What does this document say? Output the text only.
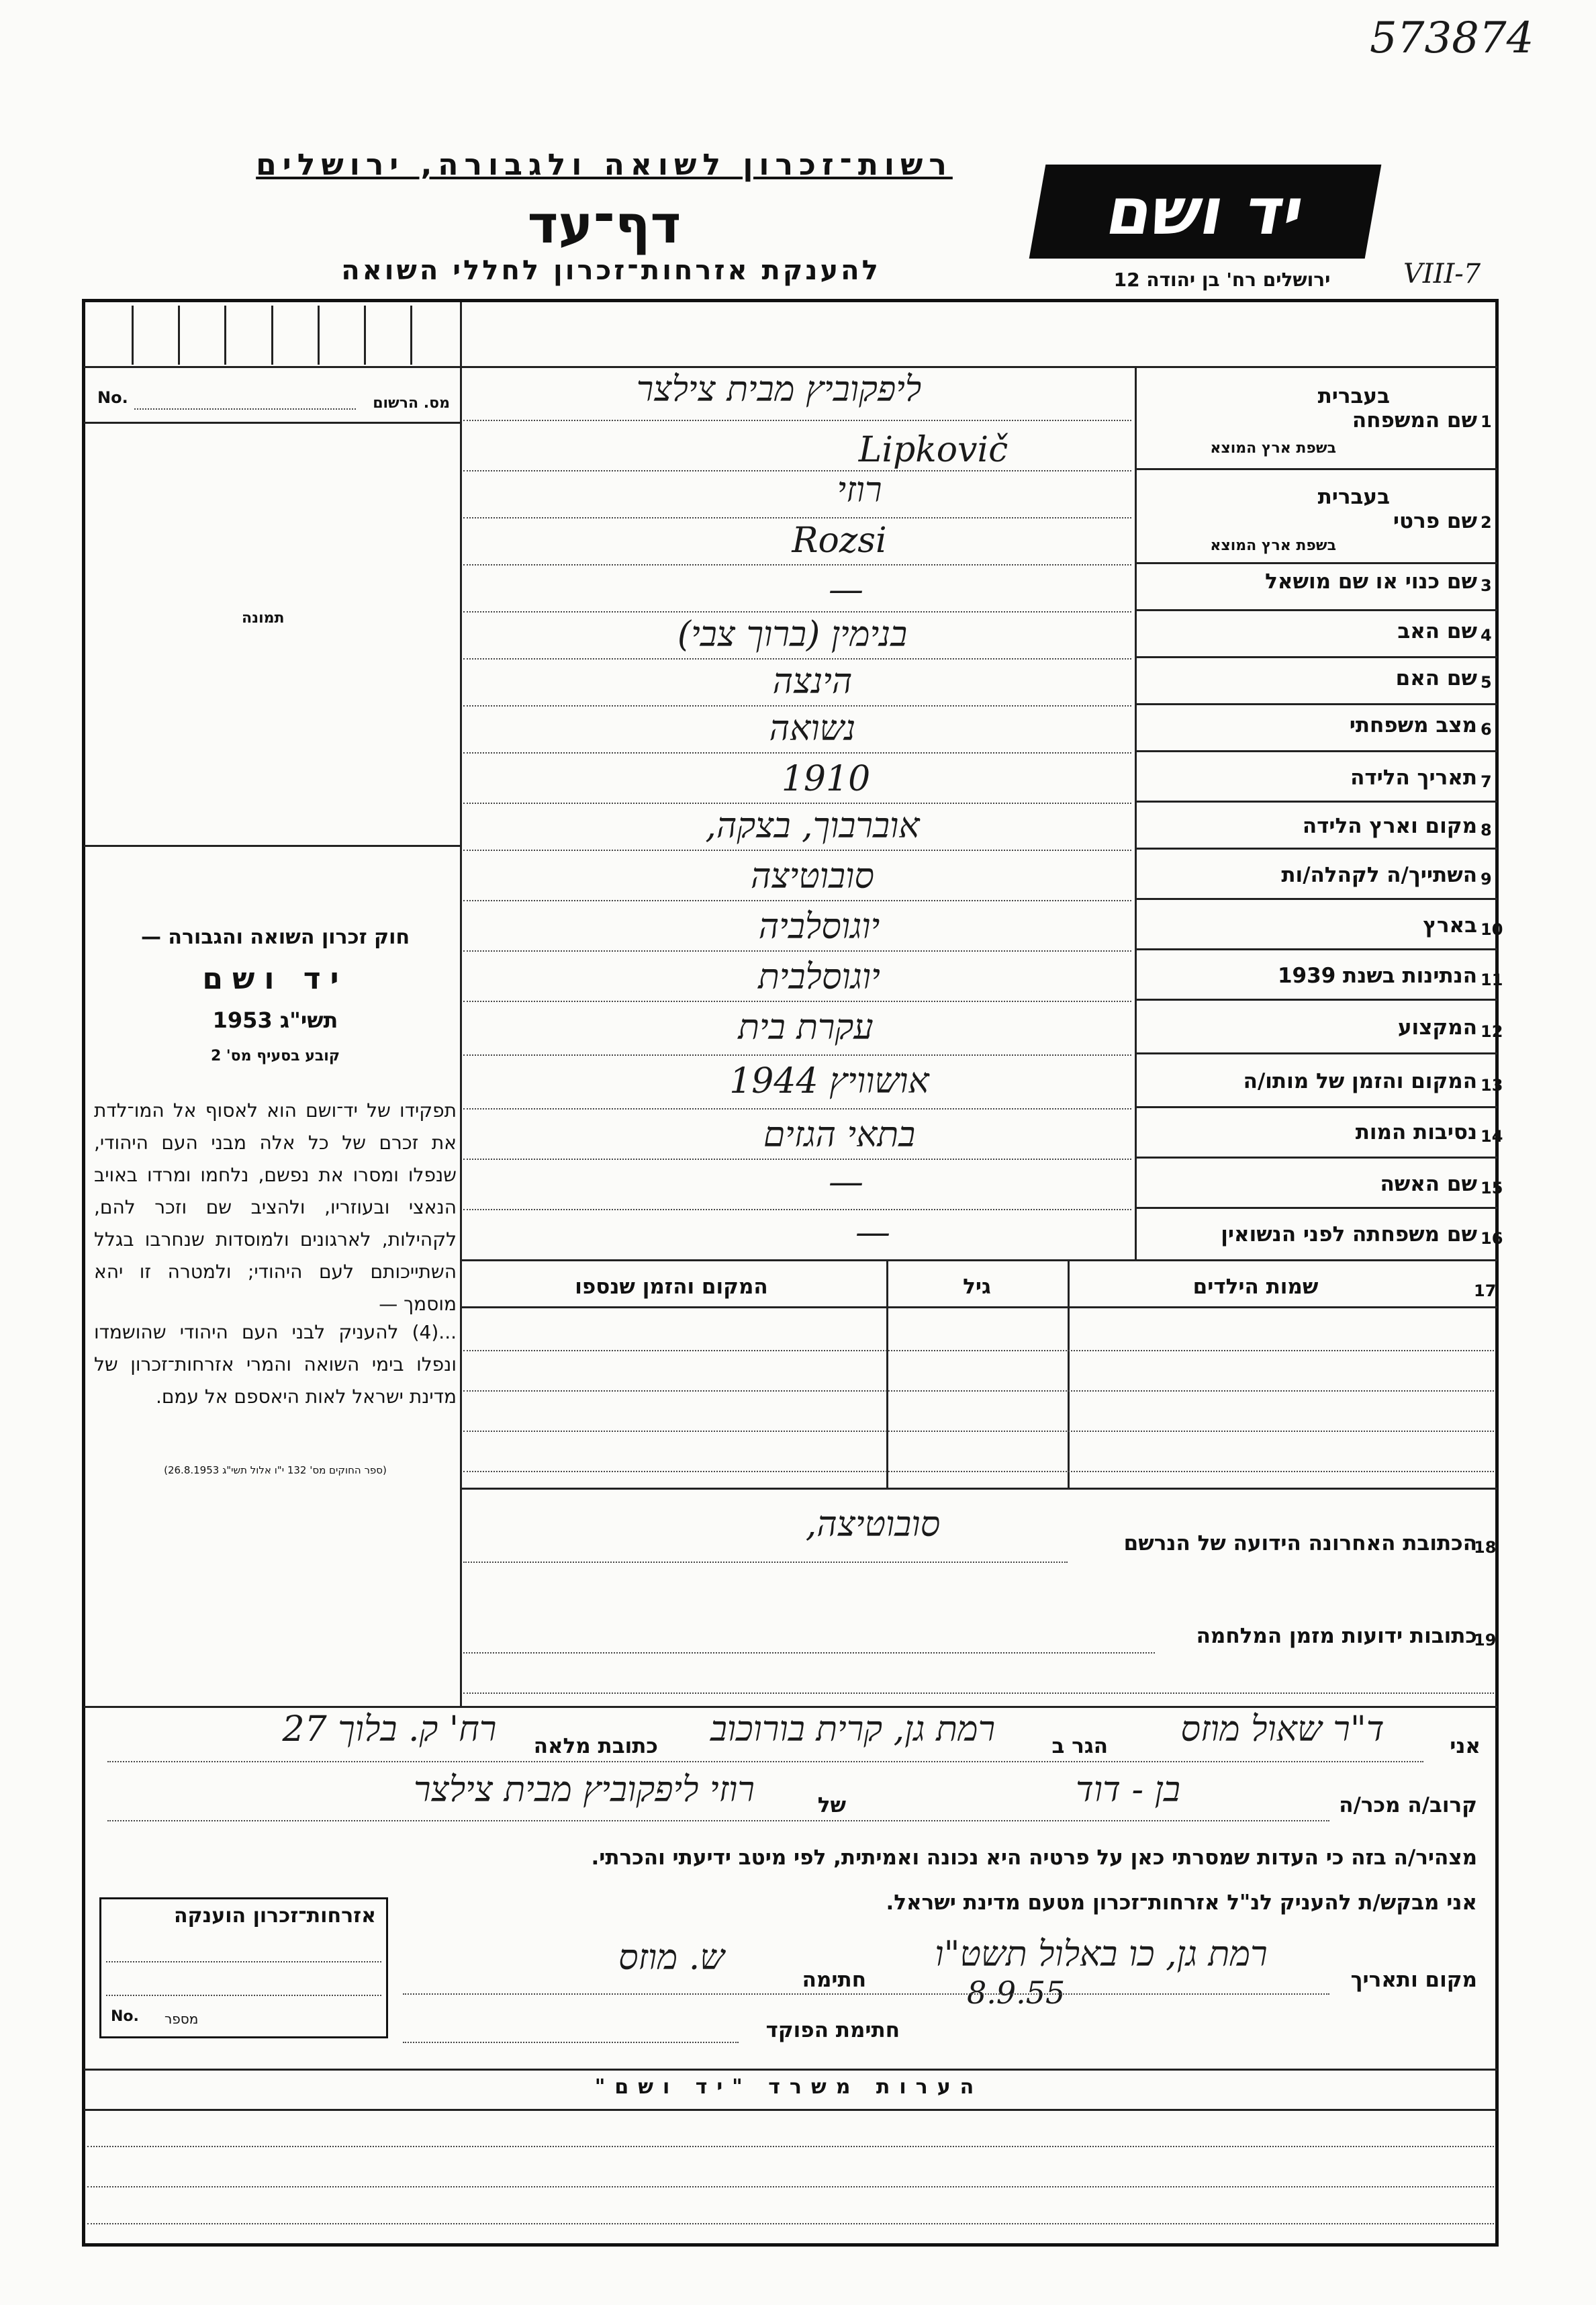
573874
רשות־זכרון לשואה ולגבורה, ירושלים
דף־עד
להענקת אזרחות־זכרון לחללי השואה
יד ושם
ירושלים רח' בן יהודה 12	VIII-7
No.	מס. הרשום
תמונה
חוק זכרון השואה והגבורה —
יד ושם
תשי"ג 1953
קובע בסעיף מס' 2
תפקידו של יד־ושם הוא לאסוף אל המו־לדת את זכרם של כל אלה מבני העם היהודי, שנפלו ומסרו את נפשם, נלחמו ומרדו באויב הנאצי ובעוזריו, ולהציב שם וזכר להם, לקהילות, לארגונים ולמוסדות שנחרבו בגלל השתייכותם לעם היהודי; ולמטרה זו יהא מוסמך —
...(4) להעניק לבני העם היהודי שהושמדו ונפלו בימי השואה והמרי אזרחות־זכרון של מדינת ישראל לאות היאספם אל עמם.
(ספר החוקים מס' 132 י"ו אלול תשי"ג 26.8.1953)
בעברית
שם המשפחה 1
בשפת ארץ המוצא
ליפקוביץ מבית צילצר
Lipkovič
בעברית
שם פרטי 2
בשפת ארץ המוצא
רוזי
Rozsi
שם כנוי או שם מושאל 3
—
שם האב 4
בנימין (ברוך צבי)
שם האם 5
הינצה
מצב משפחתי 6
נשואה
תאריך הלידה 7
1910
מקום וארץ הלידה 8
אוברבוך, בצקה,
השתייך/ה לקהלה/ות 9
סובוטיצה
בארץ 10
יוגוסלביה
הנתינות בשנת 1939 11
יוגוסלבית
המקצוע 12
עקרת בית
המקום והזמן של מותו/ה 13
אושוויץ 1944
נסיבות המות 14
בתאי הגזים
שם האשה 15
—
שם משפחתה לפני הנשואין 16
—
17
שמות הילדים
גיל
המקום והזמן שנספו
סובוטיצה,	הכתובת האחרונה הידועה של הנרשם
18
כתובות ידועות מזמן המלחמה
19
אני
ד"ר שאול מוזס
הגר ב
רמת גן, קרית בורוכוב
כתובת מלאה
רח' ק. בלוך 27
קרוב/ה מכר/ה
בן - דוד
של
רוזי ליפקוביץ מבית צילצר
מצהיר/ה בזה כי העדות שמסרתי כאן על פרטיה היא נכונה ואמיתית, לפי מיטב ידיעתי והכרתי.
אני מבקש/ת להעניק לנ"ל אזרחות־זכרון מטעם מדינת ישראל.
מקום ותאריך
רמת גן, כו באלול תשט"ו
8.9.55
חתימה
ש. מוזס
חתימת הפוקד
אזרחות־זכרון הוענקה
No. מספר
הערות משרד "יד ושם"
